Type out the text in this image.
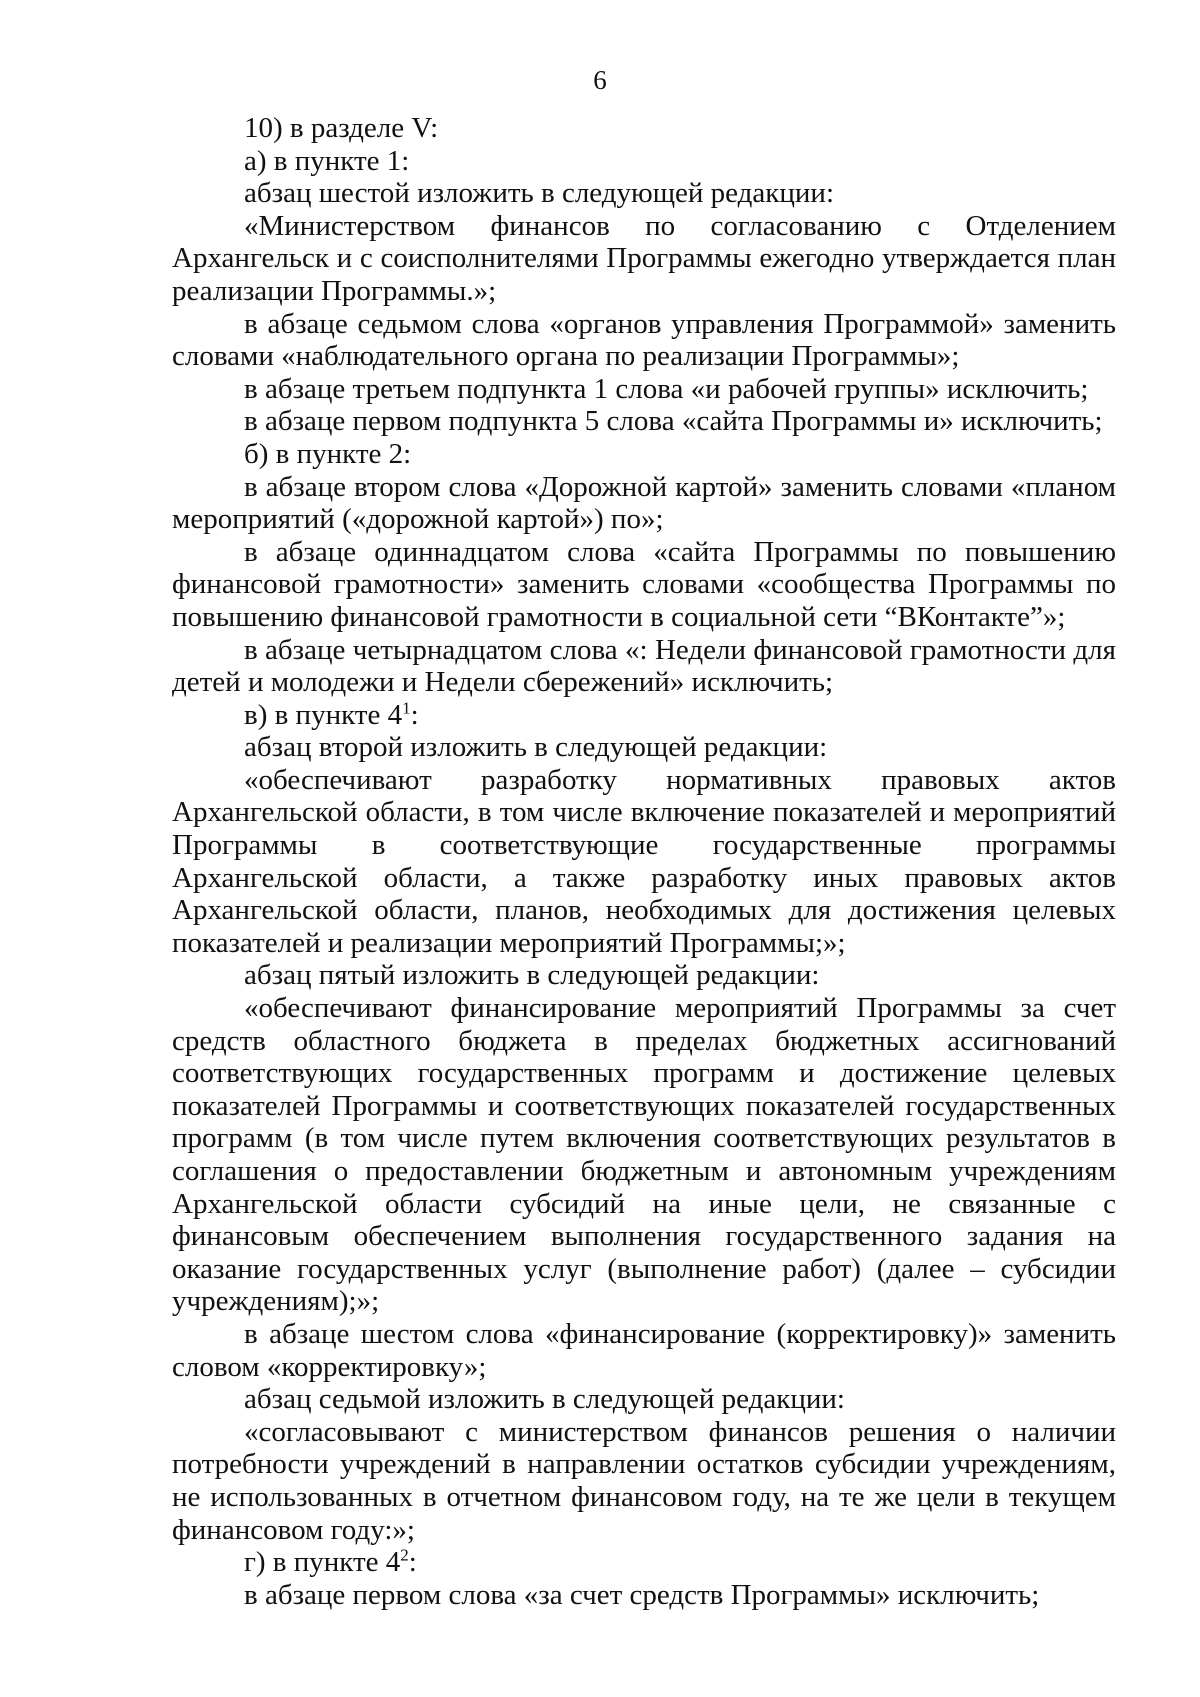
6

10) в разделе V:

а) в пункте 1:

абзац шестой изложить в следующей редакции:

«Министерством финансов по согласованию с Отделением Архангельск и с соисполнителями Программы ежегодно утверждается план реализации Программы.»;

в абзаце седьмом слова «органов управления Программой» заменить словами «наблюдательного органа по реализации Программы»;

в абзаце третьем подпункта 1 слова «и рабочей группы» исключить;

в абзаце первом подпункта 5 слова «сайта Программы и» исключить;

б) в пункте 2:

в абзаце втором слова «Дорожной картой» заменить словами «планом мероприятий («дорожной картой») по»;

в абзаце одиннадцатом слова «сайта Программы по повышению финансовой грамотности» заменить словами «сообщества Программы по повышению финансовой грамотности в социальной сети “ВКонтакте”»;

в абзаце четырнадцатом слова «: Недели финансовой грамотности для детей и молодежи и Недели сбережений» исключить;

в) в пункте $4^1$:

абзац второй изложить в следующей редакции:

«обеспечивают разработку нормативных правовых актов Архангельской области, в том числе включение показателей и мероприятий Программы в соответствующие государственные программы Архангельской области, а также разработку иных правовых актов Архангельской области, планов, необходимых для достижения целевых показателей и реализации мероприятий Программы;»;

абзац пятый изложить в следующей редакции:

«обеспечивают финансирование мероприятий Программы за счет средств областного бюджета в пределах бюджетных ассигнований соответствующих государственных программ и достижение целевых показателей Программы и соответствующих показателей государственных программ (в том числе путем включения соответствующих результатов в соглашения о предоставлении бюджетным и автономным учреждениям Архангельской области субсидий на иные цели, не связанные с финансовым обеспечением выполнения государственного задания на оказание государственных услуг (выполнение работ) (далее – субсидии учреждениям);»;

в абзаце шестом слова «финансирование (корректировку)» заменить словом «корректировку»;

абзац седьмой изложить в следующей редакции:

«согласовывают с министерством финансов решения о наличии потребности учреждений в направлении остатков субсидии учреждениям, не использованных в отчетном финансовом году, на те же цели в текущем финансовом году:»;

г) в пункте $4^2$:

в абзаце первом слова «за счет средств Программы» исключить;
